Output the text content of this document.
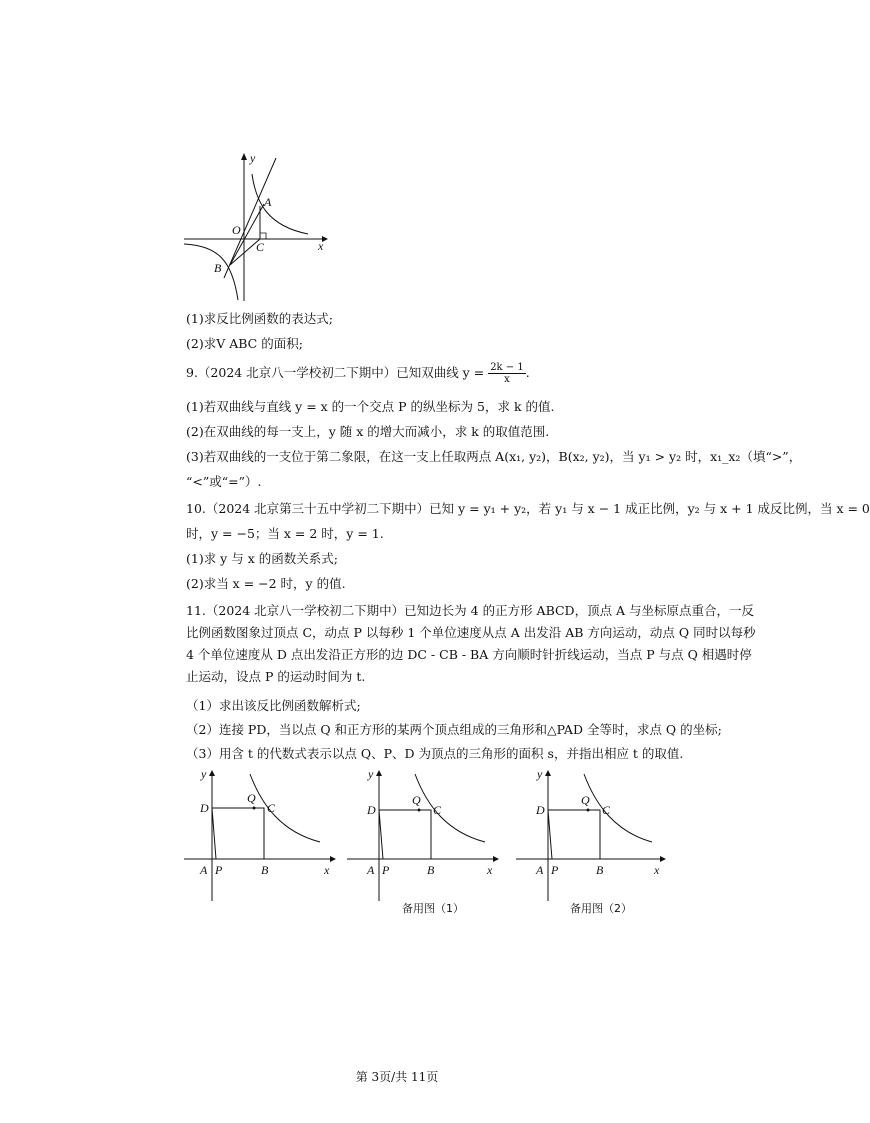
y
A
O
C	x
B
(1)求反比例函数的表达式;
(2)求V ABC 的面积;
9.（2024 北京八一学校初二下期中）已知双曲线 $y = \frac{2k - 1}{x}$ .
(1)若双曲线与直线 y = x 的一个交点 P 的纵坐标为 5，求 k 的值.
(2)在双曲线的每一支上，y 随 x 的增大而减小，求 k 的取值范围.
(3)若双曲线的一支位于第二象限，在这一支上任取两点 A(x₁, y₂)，B(x₂, y₂)，当 y₁ > y₂ 时，x₁_x₂（填“>”，
“<”或“=”）.
10.（2024 北京第三十五中学初二下期中）已知 y = y₁ + y₂，若 y₁ 与 x − 1 成正比例，y₂ 与 x + 1 成反比例，当 x = 0
时，y = −5；当 x = 2 时，y = 1.
(1)求 y 与 x 的函数关系式;
(2)求当 x = −2 时，y 的值.
11.（2024 北京八一学校初二下期中）已知边长为 4 的正方形 ABCD，顶点 A 与坐标原点重合，一反比例函数图象过顶点 C，动点 P 以每秒 1 个单位速度从点 A 出发沿 AB 方向运动，动点 Q 同时以每秒 4 个单位速度从 D 点出发沿正方形的边 DC - CB - BA 方向顺时针折线运动，当点 P 与点 Q 相遇时停止运动，设点 P 的运动时间为 t.
（1）求出该反比例函数解析式;
（2）连接 PD，当以点 Q 和正方形的某两个顶点组成的三角形和△PAD 全等时，求点 Q 的坐标;
（3）用含 t 的代数式表示以点 Q、P、D 为顶点的三角形的面积 s，并指出相应 t 的取值.
y
D
Q
C
A P	B	x
y
D
Q
C
A P	B	x
备用图（1）
y
D
Q
C
A P	B	x
备用图（2）
第 3页/共 11页
